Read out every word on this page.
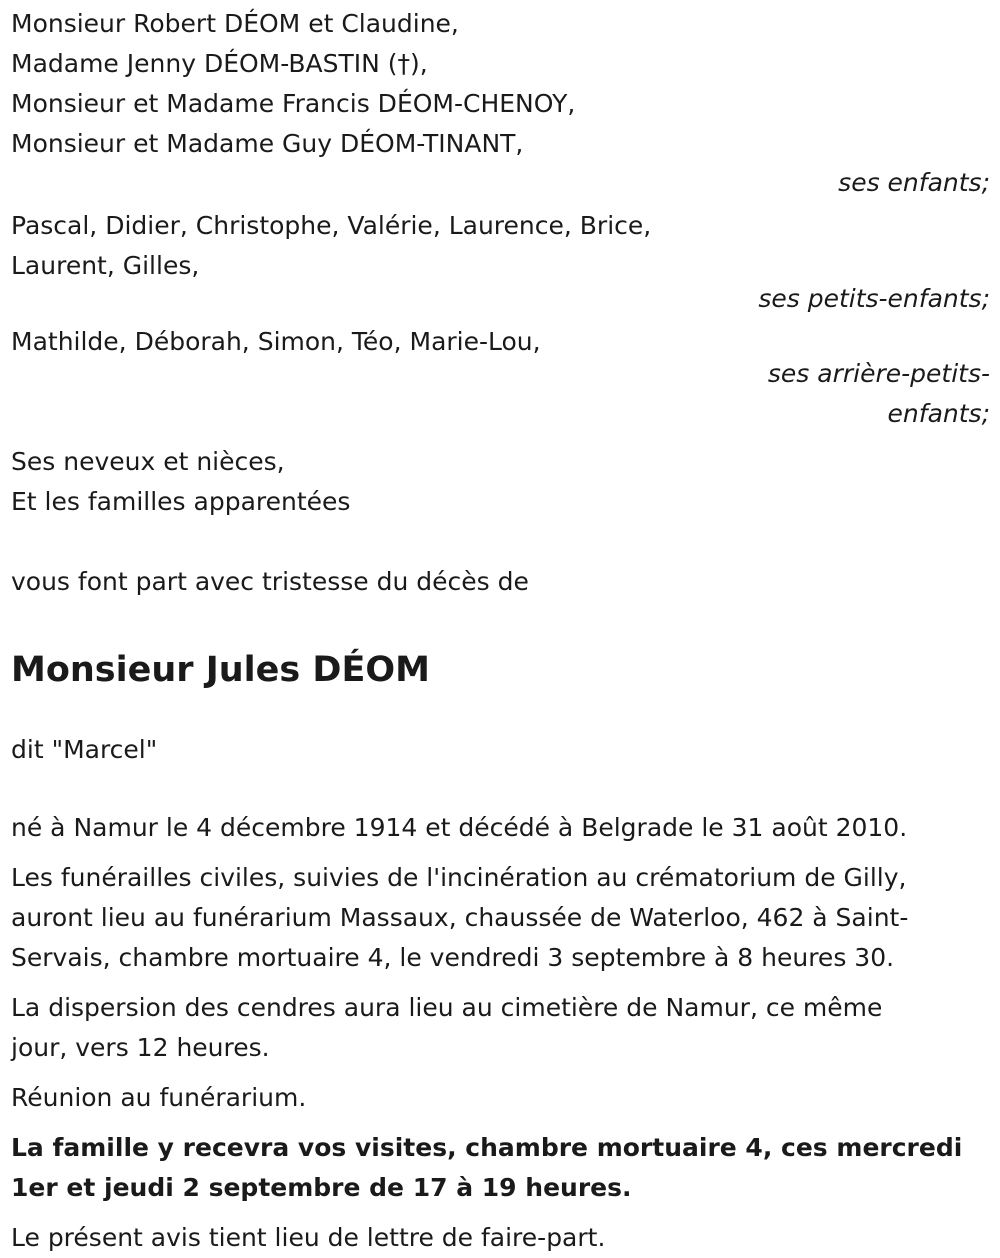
Monsieur Robert DÉOM et Claudine,
Madame Jenny DÉOM-BASTIN (†),
Monsieur et Madame Francis DÉOM-CHENOY,
Monsieur et Madame Guy DÉOM-TINANT,
ses enfants;
Pascal, Didier, Christophe, Valérie, Laurence, Brice,
Laurent, Gilles,
ses petits-enfants;
Mathilde, Déborah, Simon, Téo, Marie-Lou,
ses arrière-petits-
enfants;
Ses neveux et nièces,
Et les familles apparentées
vous font part avec tristesse du décès de
Monsieur Jules DÉOM
dit "Marcel"
né à Namur le 4 décembre 1914 et décédé à Belgrade le 31 août 2010.
Les funérailles civiles, suivies de l'incinération au crématorium de Gilly,
auront lieu au funérarium Massaux, chaussée de Waterloo, 462 à Saint-
Servais, chambre mortuaire 4, le vendredi 3 septembre à 8 heures 30.
La dispersion des cendres aura lieu au cimetière de Namur, ce même
jour, vers 12 heures.
Réunion au funérarium.
La famille y recevra vos visites, chambre mortuaire 4, ces mercredi
1er et jeudi 2 septembre de 17 à 19 heures.
Le présent avis tient lieu de lettre de faire-part.
